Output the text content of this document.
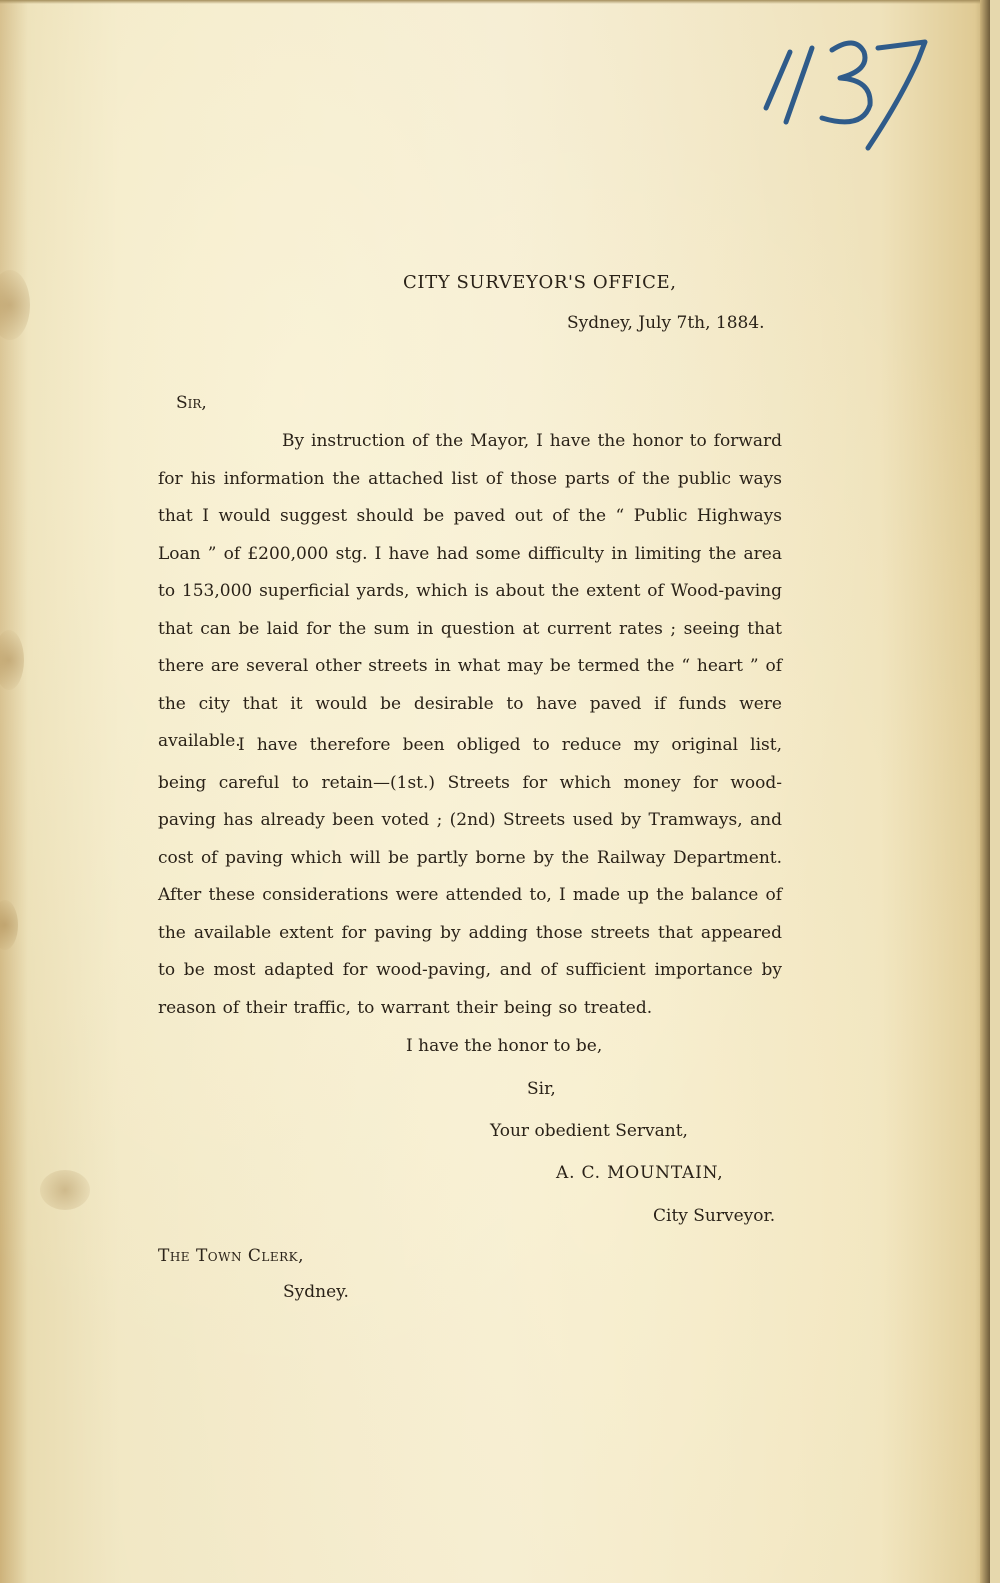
CITY SURVEYOR'S OFFICE,
Sydney, July 7th, 1884.
Sir,
By instruction of the Mayor, I have the honor to forward for his information the attached list of those parts of the public ways that I would suggest should be paved out of the “ Public Highways Loan ” of £200,000 stg. I have had some difficulty in limiting the area to 153,000 superficial yards, which is about the extent of Wood-paving that can be laid for the sum in question at current rates ; seeing that there are several other streets in what may be termed the “ heart ” of the city that it would be desirable to have paved if funds were available.
I have therefore been obliged to reduce my original list, being careful to retain—(1st.) Streets for which money for wood-paving has already been voted ; (2nd) Streets used by Tramways, and cost of paving which will be partly borne by the Railway Department. After these considerations were attended to, I made up the balance of the available extent for paving by adding those streets that appeared to be most adapted for wood-paving, and of sufficient importance by reason of their traffic, to warrant their being so treated.
I have the honor to be,
Sir,
Your obedient Servant,
A. C. MOUNTAIN,
City Surveyor.
The Town Clerk,
Sydney.
